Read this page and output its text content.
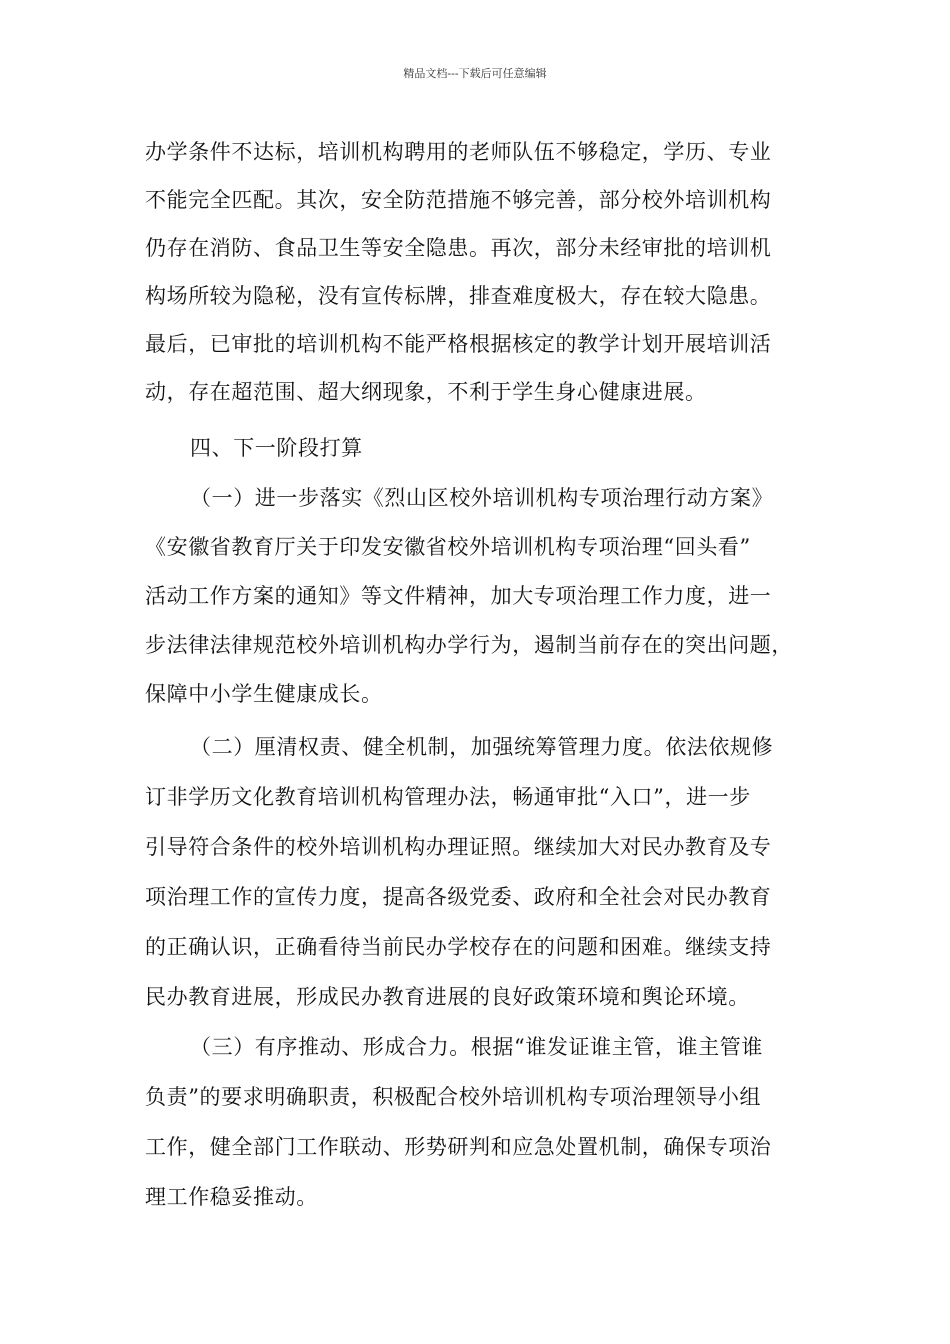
精品文档---下载后可任意编辑
办学条件不达标，培训机构聘用的老师队伍不够稳定，学历、专业
不能完全匹配。其次，安全防范措施不够完善，部分校外培训机构
仍存在消防、食品卫生等安全隐患。再次，部分未经审批的培训机
构场所较为隐秘，没有宣传标牌，排查难度极大，存在较大隐患。
最后，已审批的培训机构不能严格根据核定的教学计划开展培训活
动，存在超范围、超大纲现象，不利于学生身心健康进展。
四、下一阶段打算
（一）进一步落实《烈山区校外培训机构专项治理行动方案》
《安徽省教育厅关于印发安徽省校外培训机构专项治理“回头看”
活动工作方案的通知》等文件精神，加大专项治理工作力度，进一
步法律法律规范校外培训机构办学行为，遏制当前存在的突出问题，
保障中小学生健康成长。
（二）厘清权责、健全机制，加强统筹管理力度。依法依规修
订非学历文化教育培训机构管理办法，畅通审批“入口”，进一步
引导符合条件的校外培训机构办理证照。继续加大对民办教育及专
项治理工作的宣传力度，提高各级党委、政府和全社会对民办教育
的正确认识，正确看待当前民办学校存在的问题和困难。继续支持
民办教育进展，形成民办教育进展的良好政策环境和舆论环境。
（三）有序推动、形成合力。根据“谁发证谁主管，谁主管谁
负责”的要求明确职责，积极配合校外培训机构专项治理领导小组
工作，健全部门工作联动、形势研判和应急处置机制，确保专项治
理工作稳妥推动。
